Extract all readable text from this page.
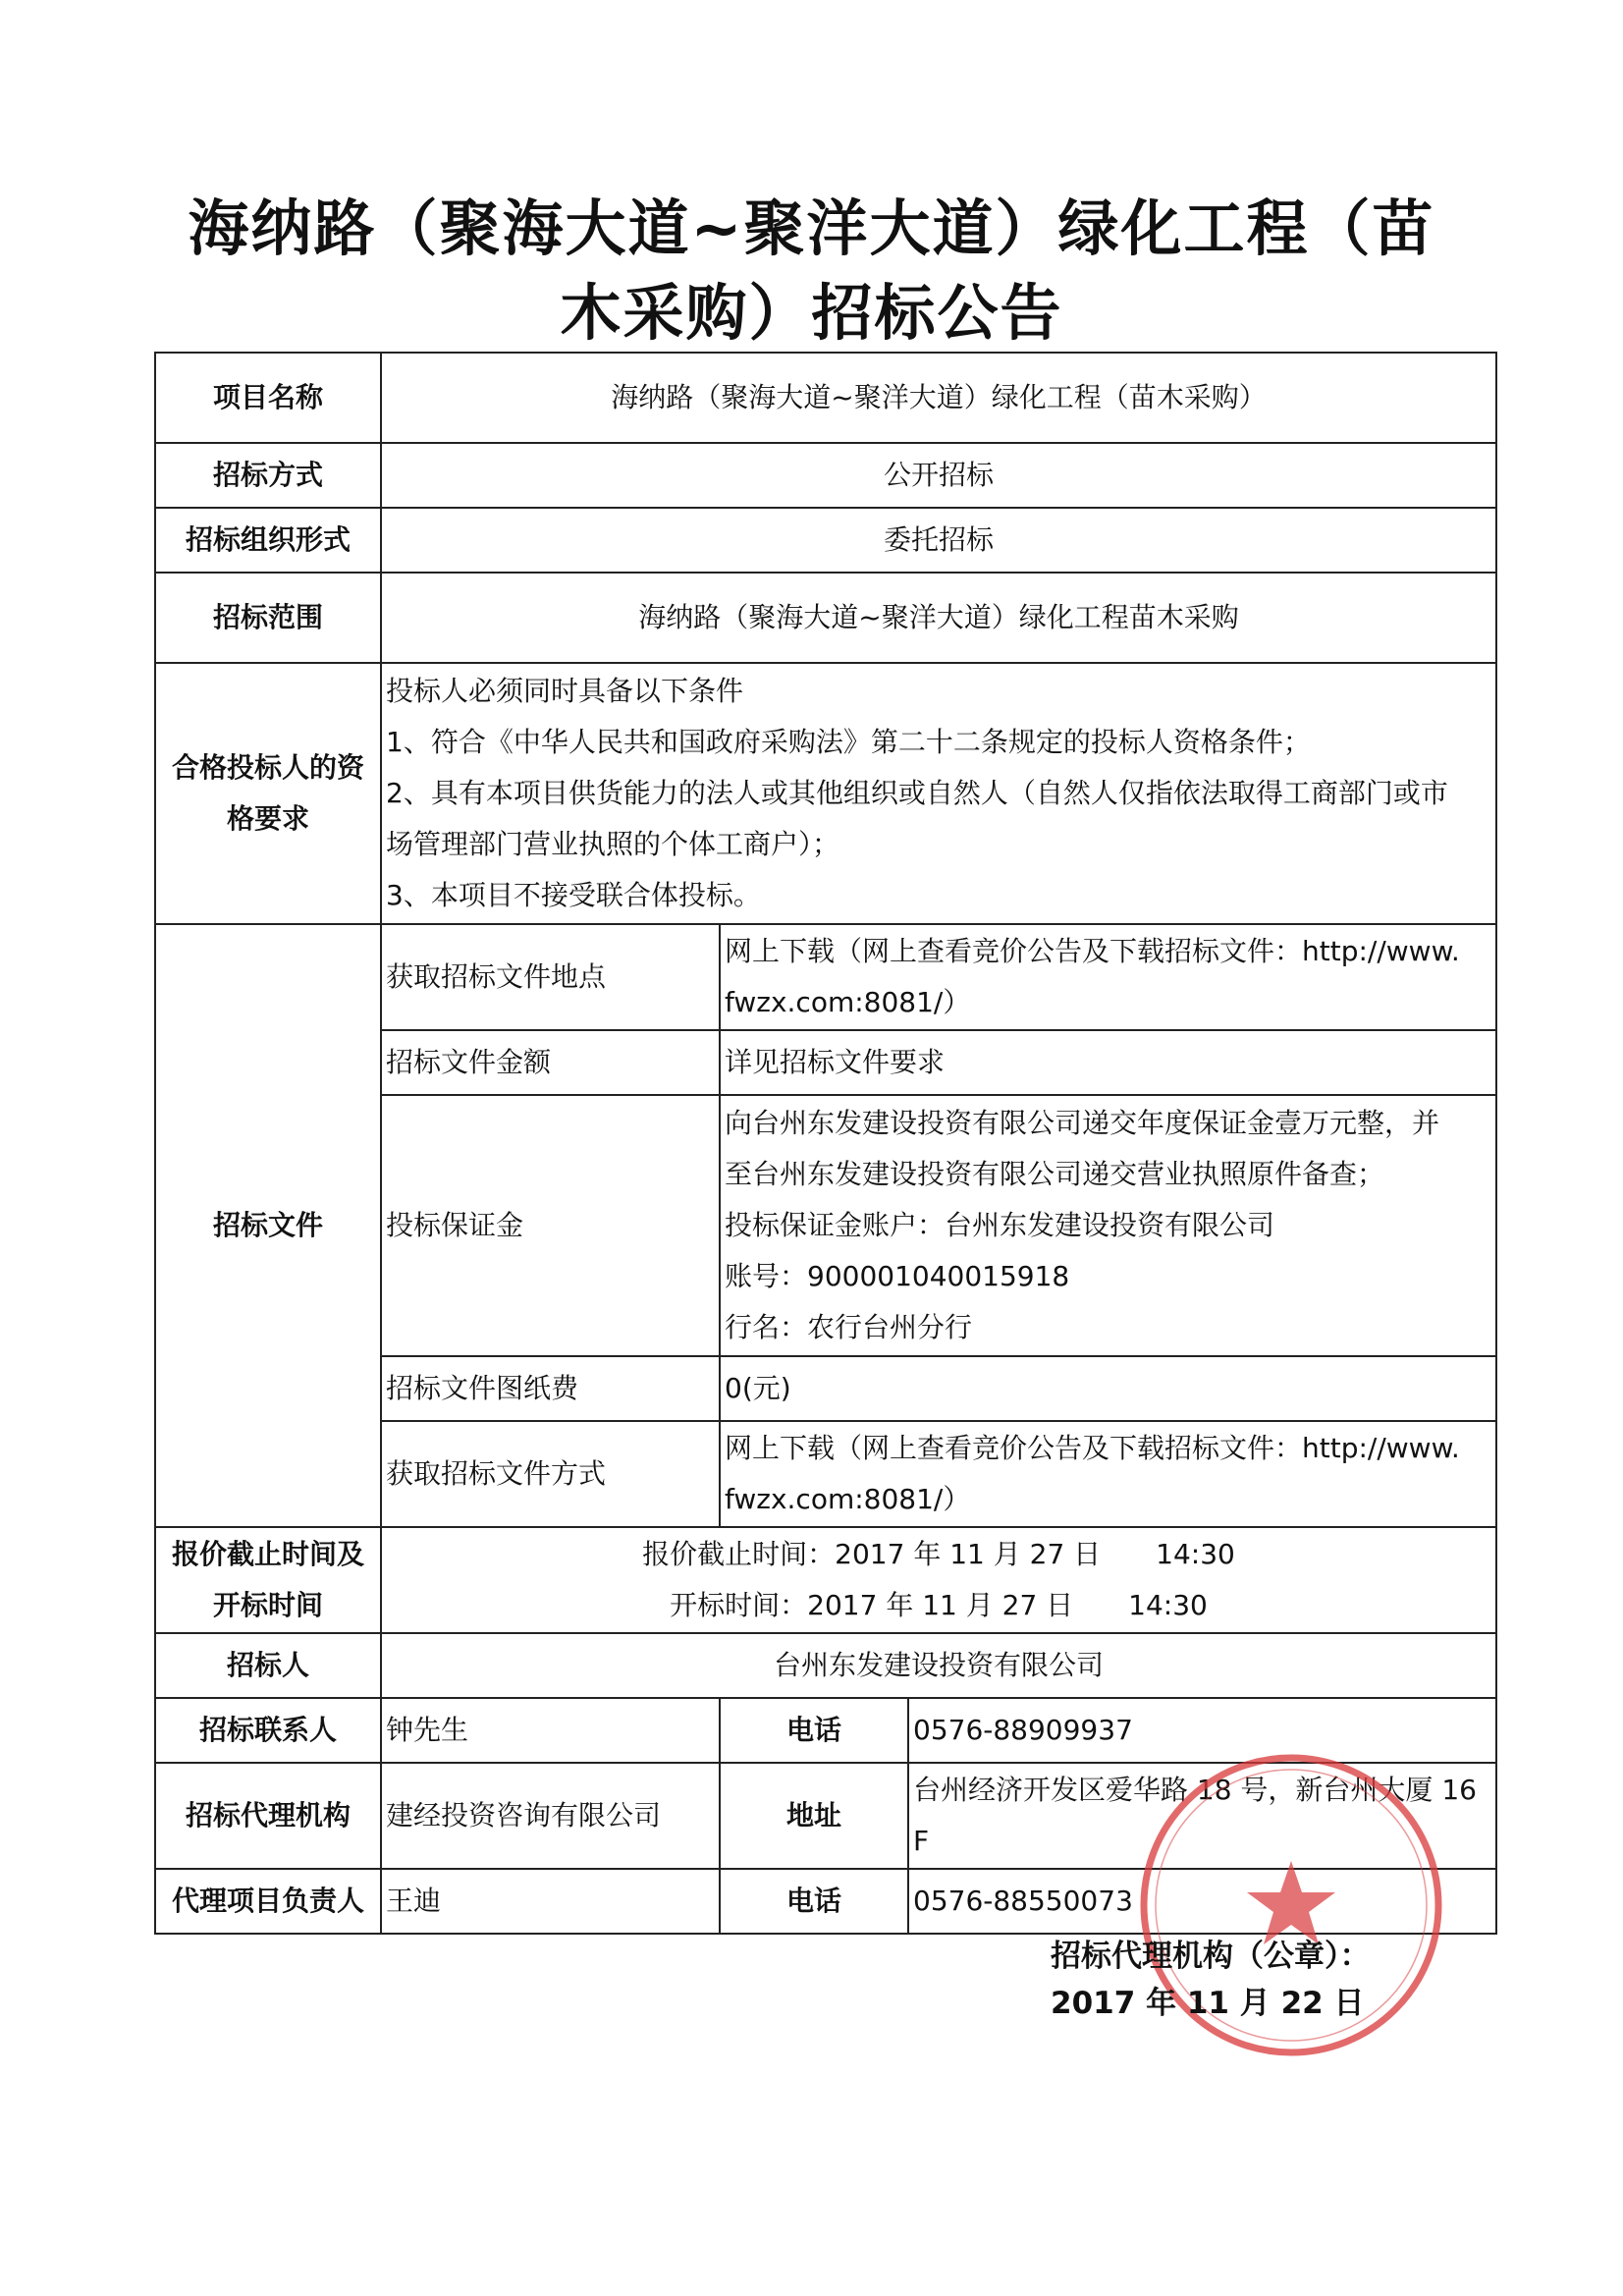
海纳路（聚海大道~聚洋大道）绿化工程（苗
木采购）招标公告
项目名称	海纳路（聚海大道~聚洋大道）绿化工程（苗木采购）		
招标方式	公开招标		
招标组织形式	委托招标		
招标范围	海纳路（聚海大道~聚洋大道）绿化工程苗木采购		

合格投标人的资格要求	投标人必须同时具备以下条件
1、符合《中华人民共和国政府采购法》第二十二条规定的投标人资格条件；
2、具有本项目供货能力的法人或其他组织或自然人（自然人仅指依法取得工商部门或市
场管理部门营业执照的个体工商户）；
3、本项目不接受联合体投标。		

招标文件	获取招标文件地点	网上下载（网上查看竞价公告及下载招标文件：http://www.
fwzx.com:8081/）	

	招标文件金额	详见招标文件要求	
	投标保证金	向台州东发建设投资有限公司递交年度保证金壹万元整，并
至台州东发建设投资有限公司递交营业执照原件备查；
投标保证金账户：台州东发建设投资有限公司
账号：900001040015918
行名：农行台州分行	

	招标文件图纸费	0(元)	
	获取招标文件方式	网上下载（网上查看竞价公告及下载招标文件：http://www.
fwzx.com:8081/）	

报价截止时间及开标时间	报价截止时间：2017 年 11 月 27 日　　14:30
开标时间：2017 年 11 月 27 日　　14:30		

招标人	台州东发建设投资有限公司		
招标联系人	钟先生	电话	0576-88909937
招标代理机构	建经投资咨询有限公司	地址	台州经济开发区爱华路 18 号，新台州大厦 16
F

代理项目负责人	王迪	电话	0576-88550073
招标代理机构（公章）：
2017 年 11 月 22 日
